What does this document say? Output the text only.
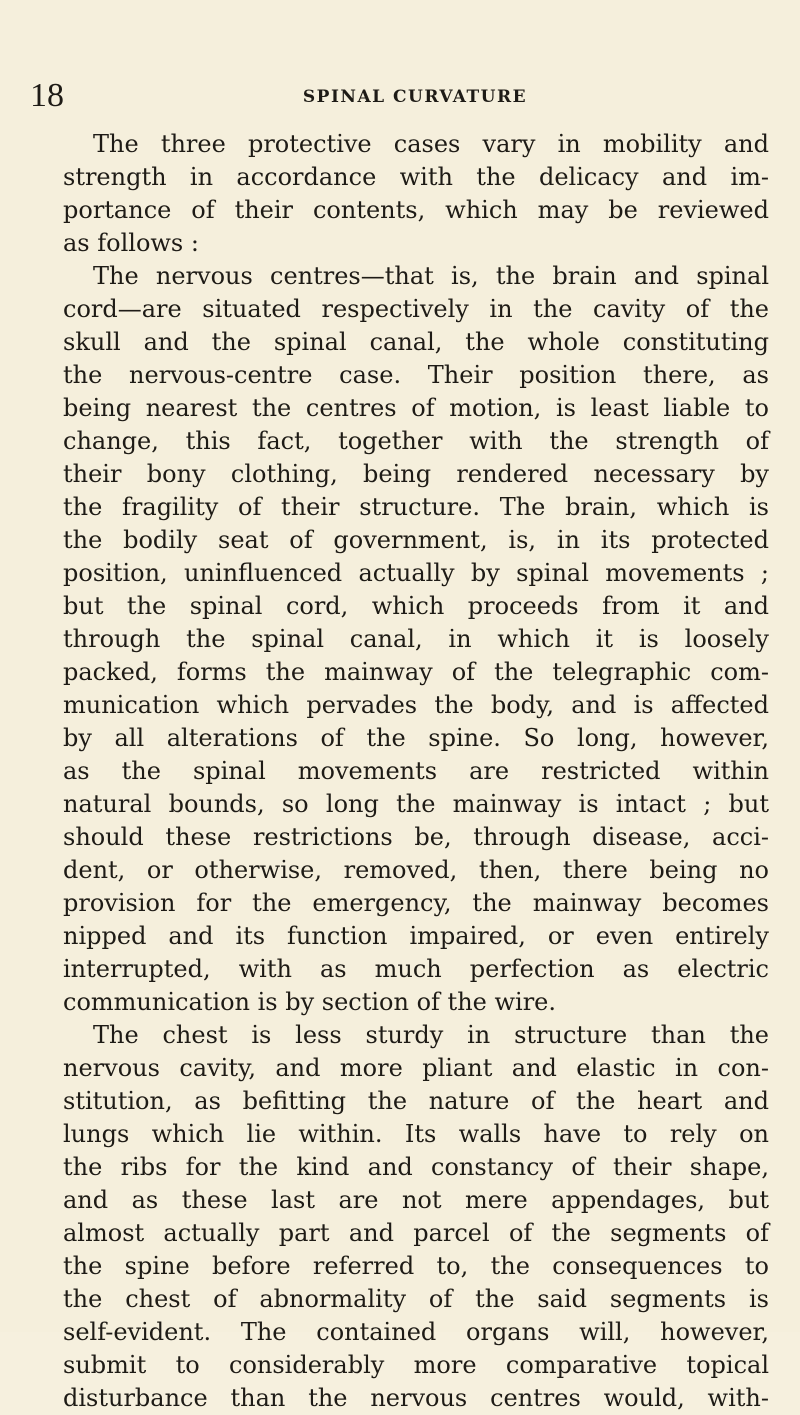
18	SPINAL CURVATURE
The three protective cases vary in mobility and
strength in accordance with the delicacy and im-
portance of their contents, which may be reviewed
as follows :
The nervous centres—that is, the brain and spinal
cord—are situated respectively in the cavity of the
skull and the spinal canal, the whole constituting
the nervous-centre case. Their position there, as
being nearest the centres of motion, is least liable to
change, this fact, together with the strength of
their bony clothing, being rendered necessary by
the fragility of their structure. The brain, which is
the bodily seat of government, is, in its protected
position, uninfluenced actually by spinal movements ;
but the spinal cord, which proceeds from it and
through the spinal canal, in which it is loosely
packed, forms the mainway of the telegraphic com-
munication which pervades the body, and is affected
by all alterations of the spine. So long, however,
as the spinal movements are restricted within
natural bounds, so long the mainway is intact ; but
should these restrictions be, through disease, acci-
dent, or otherwise, removed, then, there being no
provision for the emergency, the mainway becomes
nipped and its function impaired, or even entirely
interrupted, with as much perfection as electric
communication is by section of the wire.
The chest is less sturdy in structure than the
nervous cavity, and more pliant and elastic in con-
stitution, as befitting the nature of the heart and
lungs which lie within. Its walls have to rely on
the ribs for the kind and constancy of their shape,
and as these last are not mere appendages, but
almost actually part and parcel of the segments of
the spine before referred to, the consequences to
the chest of abnormality of the said segments is
self-evident. The contained organs will, however,
submit to considerably more comparative topical
disturbance than the nervous centres would, with-
